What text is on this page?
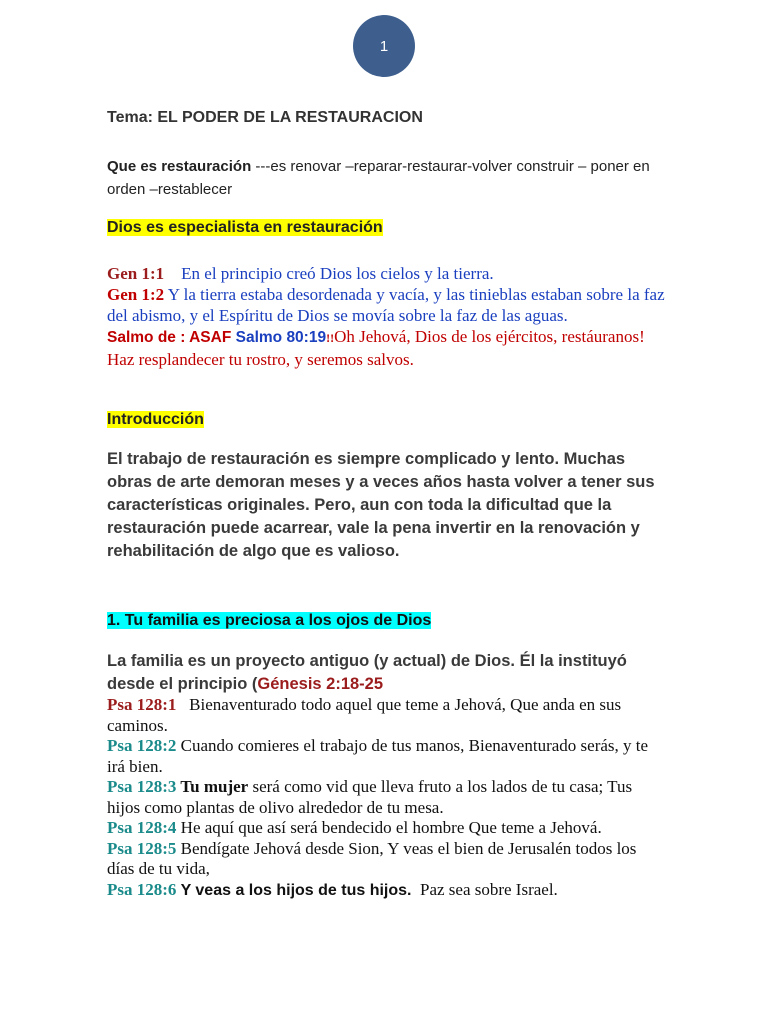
1
Tema: EL PODER DE LA RESTAURACION
Que es restauración ---es renovar –reparar-restaurar-volver construir – poner en orden –restablecer
Dios es especialista en restauración
Gen 1:1    En el principio creó Dios los cielos y la tierra.
Gen 1:2 Y la tierra estaba desordenada y vacía, y las tinieblas estaban sobre la faz del abismo, y el Espíritu de Dios se movía sobre la faz de las aguas.
Salmo de : ASAF Salmo 80:19!!Oh Jehová, Dios de los ejércitos, restáuranos! Haz resplandecer tu rostro, y seremos salvos.
Introducción
El trabajo de restauración es siempre complicado y lento. Muchas obras de arte demoran meses y a veces años hasta volver a tener sus características originales. Pero, aun con toda la dificultad que la restauración puede acarrear, vale la pena invertir en la renovación y rehabilitación de algo que es valioso.
1. Tu familia es preciosa a los ojos de Dios
La familia es un proyecto antiguo (y actual) de Dios. Él la instituyó desde el principio (Génesis 2:18-25
Psa 128:1   Bienaventurado todo aquel que teme a Jehová, Que anda en sus caminos.
Psa 128:2 Cuando comieres el trabajo de tus manos, Bienaventurado serás, y te irá bien.
Psa 128:3 Tu mujer será como vid que lleva fruto a los lados de tu casa; Tus hijos como plantas de olivo alrededor de tu mesa.
Psa 128:4 He aquí que así será bendecido el hombre Que teme a Jehová.
Psa 128:5 Bendígate Jehová desde Sion, Y veas el bien de Jerusalén todos los días de tu vida,
Psa 128:6 Y veas a los hijos de tus hijos.  Paz sea sobre Israel.
